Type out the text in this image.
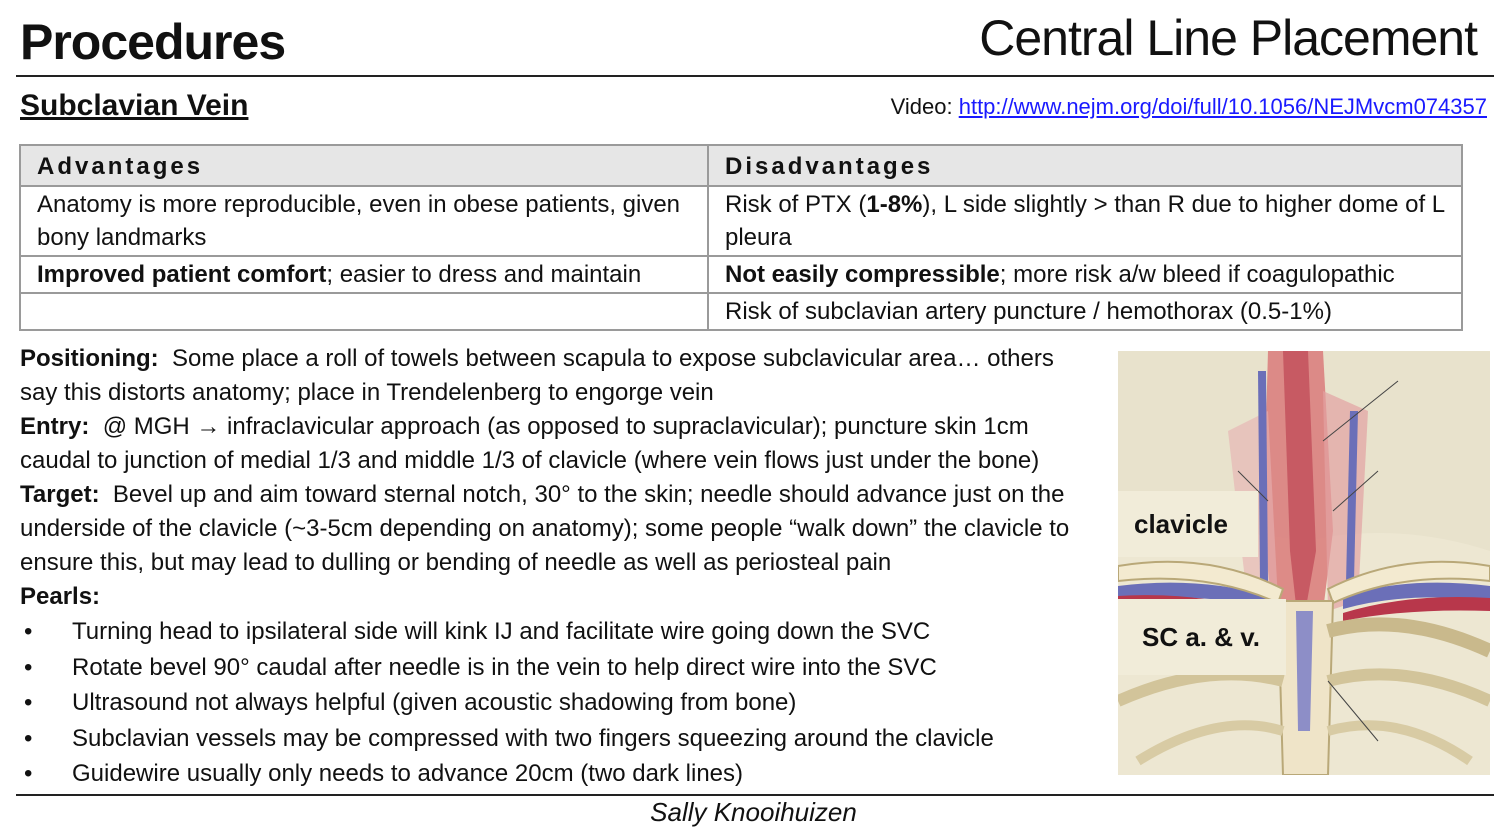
Procedures	Central Line Placement
Subclavian Vein	Video: http://www.nejm.org/doi/full/10.1056/NEJMvcm074357
Advantages	Disadvantages
Anatomy is more reproducible, even in obese patients, given bony landmarks	Risk of PTX (1-8%), L side slightly > than R due to higher dome of L pleura
Improved patient comfort; easier to dress and maintain	Not easily compressible; more risk a/w bleed if coagulopathic
	Risk of subclavian artery puncture / hemothorax (0.5-1%)

Positioning: Some place a roll of towels between scapula to expose subclavicular area… others say this distorts anatomy; place in Trendelenberg to engorge vein

Entry: @ MGH → infraclavicular approach (as opposed to supraclavicular); puncture skin 1cm caudal to junction of medial 1/3 and middle 1/3 of clavicle (where vein flows just under the bone)

Target: Bevel up and aim toward sternal notch, 30° to the skin; needle should advance just on the underside of the clavicle (~3-5cm depending on anatomy); some people “walk down” the clavicle to ensure this, but may lead to dulling or bending of needle as well as periosteal pain

Pearls:

• Turning head to ipsilateral side will kink IJ and facilitate wire going down the SVC
• Rotate bevel 90° caudal after needle is in the vein to help direct wire into the SVC
• Ultrasound not always helpful (given acoustic shadowing from bone)
• Subclavian vessels may be compressed with two fingers squeezing around the clavicle
• Guidewire usually only needs to advance 20cm (two dark lines)
clavicle
SC a. & v.
Sally Knooihuizen
